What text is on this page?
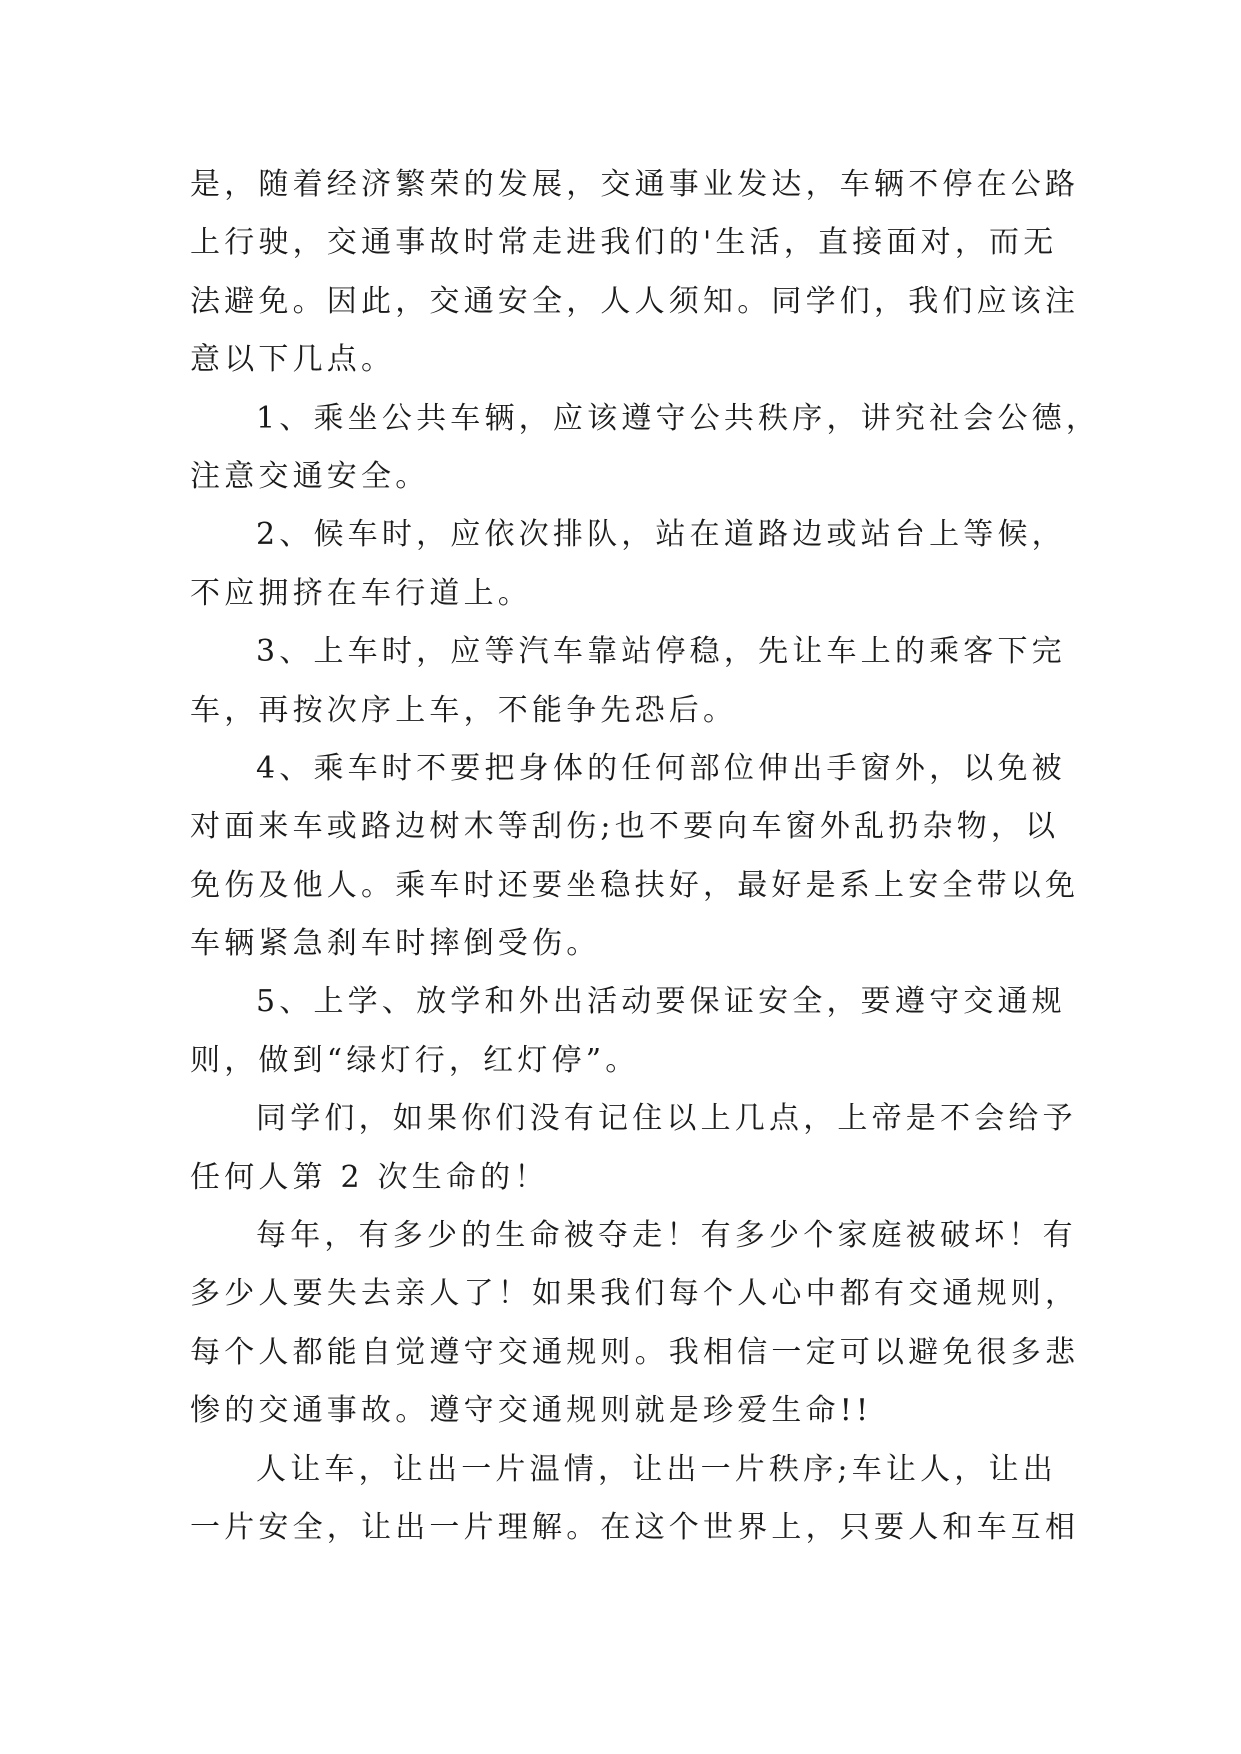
是，随着经济繁荣的发展，交通事业发达，车辆不停在公路
上行驶，交通事故时常走进我们的'生活，直接面对，而无
法避免。因此，交通安全，人人须知。同学们，我们应该注
意以下几点。
1、乘坐公共车辆，应该遵守公共秩序，讲究社会公德，
注意交通安全。
2、候车时，应依次排队，站在道路边或站台上等候，
不应拥挤在车行道上。
3、上车时，应等汽车靠站停稳，先让车上的乘客下完
车，再按次序上车，不能争先恐后。
4、乘车时不要把身体的任何部位伸出手窗外，以免被
对面来车或路边树木等刮伤;也不要向车窗外乱扔杂物，以
免伤及他人。乘车时还要坐稳扶好，最好是系上安全带以免
车辆紧急刹车时摔倒受伤。
5、上学、放学和外出活动要保证安全，要遵守交通规
则，做到“绿灯行，红灯停”。
同学们，如果你们没有记住以上几点，上帝是不会给予
任何人第 2 次生命的！
每年，有多少的生命被夺走！有多少个家庭被破坏！有
多少人要失去亲人了！如果我们每个人心中都有交通规则，
每个人都能自觉遵守交通规则。我相信一定可以避免很多悲
惨的交通事故。遵守交通规则就是珍爱生命!!
人让车，让出一片温情，让出一片秩序;车让人，让出
一片安全，让出一片理解。在这个世界上，只要人和车互相
